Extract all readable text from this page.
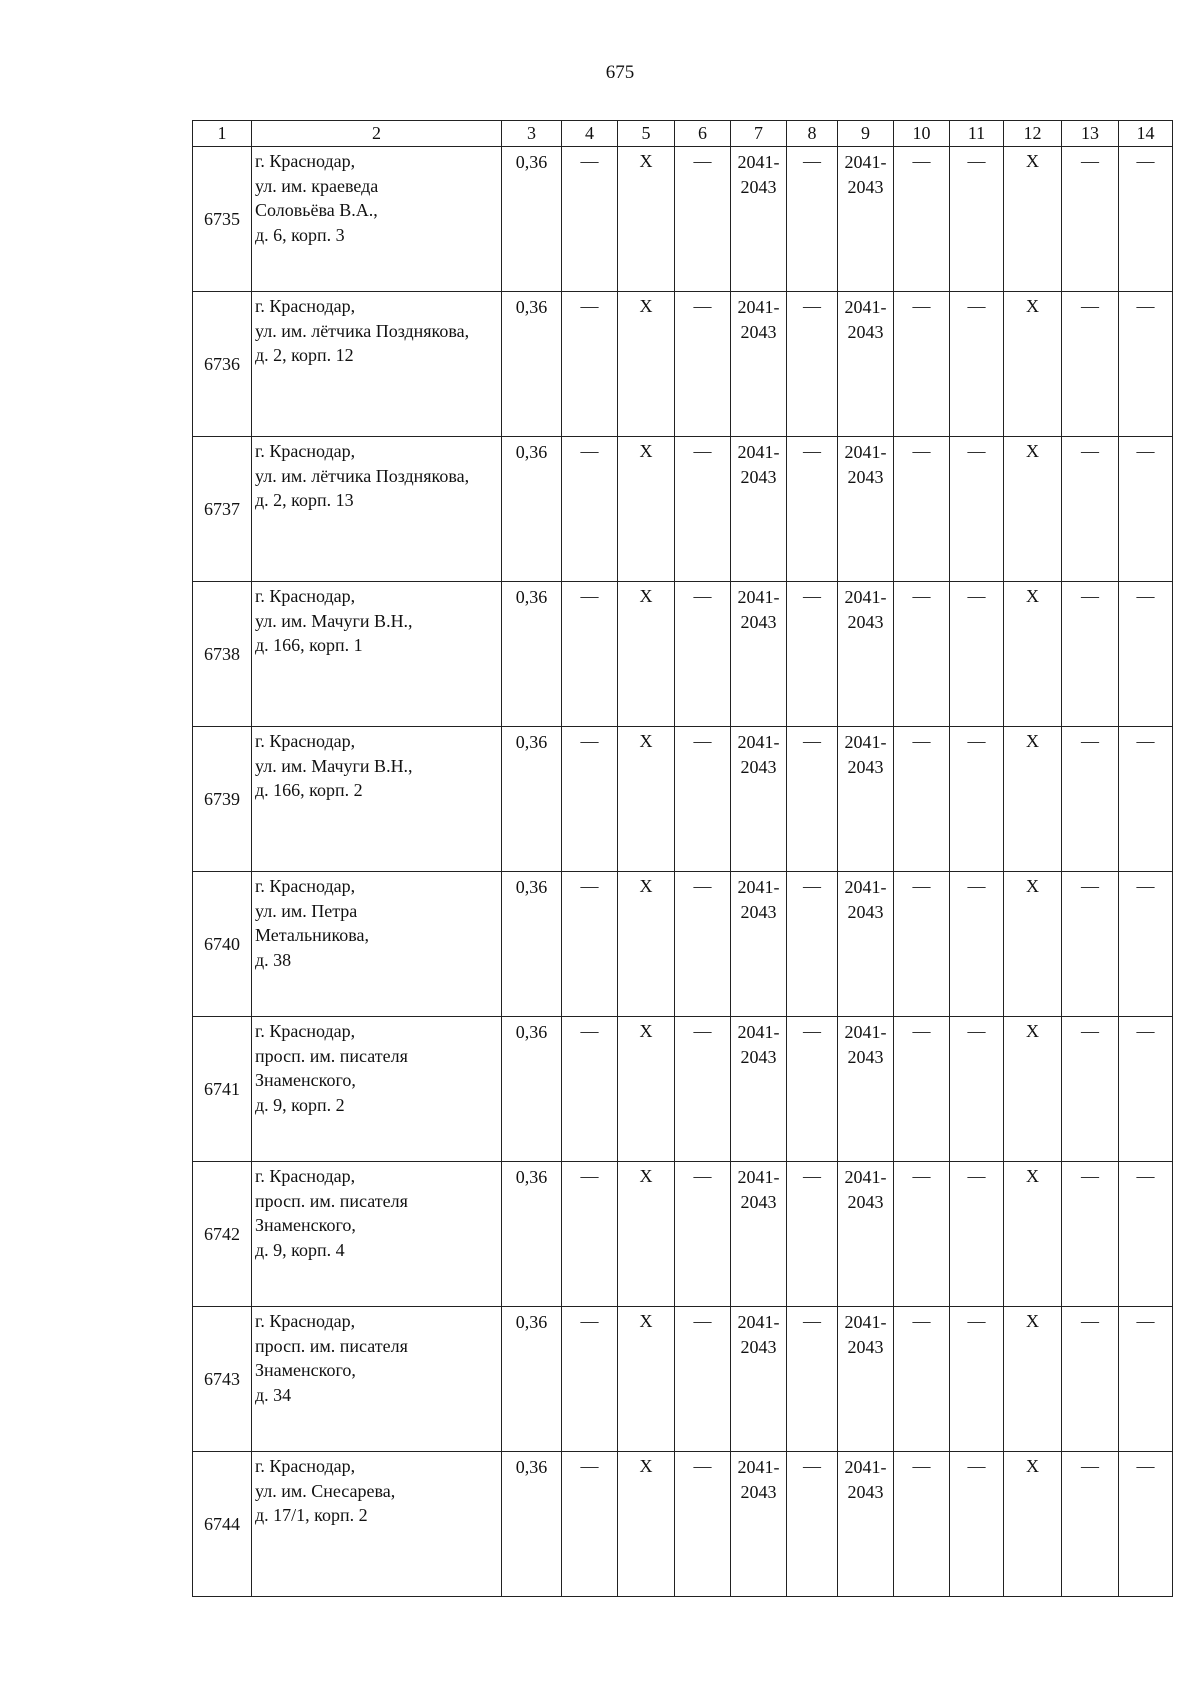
675
1	2	3	4	5	6	7	8	9	10	11	12	13	14
6735	г. Краснодар,
ул. им. краеведа
Соловьёва В.А.,
д. 6, корп. 3	0,36	—	X	—	2041-
2043	—	2041-
2043	—	—	X	—	—
6736	г. Краснодар,
ул. им. лётчика Позднякова,
д. 2, корп. 12	0,36	—	X	—	2041-
2043	—	2041-
2043	—	—	X	—	—
6737	г. Краснодар,
ул. им. лётчика Позднякова,
д. 2, корп. 13	0,36	—	X	—	2041-
2043	—	2041-
2043	—	—	X	—	—
6738	г. Краснодар,
ул. им. Мачуги В.Н.,
д. 166, корп. 1	0,36	—	X	—	2041-
2043	—	2041-
2043	—	—	X	—	—
6739	г. Краснодар,
ул. им. Мачуги В.Н.,
д. 166, корп. 2	0,36	—	X	—	2041-
2043	—	2041-
2043	—	—	X	—	—
6740	г. Краснодар,
ул. им. Петра
Метальникова,
д. 38	0,36	—	X	—	2041-
2043	—	2041-
2043	—	—	X	—	—
6741	г. Краснодар,
просп. им. писателя
Знаменского,
д. 9, корп. 2	0,36	—	X	—	2041-
2043	—	2041-
2043	—	—	X	—	—
6742	г. Краснодар,
просп. им. писателя
Знаменского,
д. 9, корп. 4	0,36	—	X	—	2041-
2043	—	2041-
2043	—	—	X	—	—
6743	г. Краснодар,
просп. им. писателя
Знаменского,
д. 34	0,36	—	X	—	2041-
2043	—	2041-
2043	—	—	X	—	—
6744	г. Краснодар,
ул. им. Снесарева,
д. 17/1, корп. 2	0,36	—	X	—	2041-
2043	—	2041-
2043	—	—	X	—	—
